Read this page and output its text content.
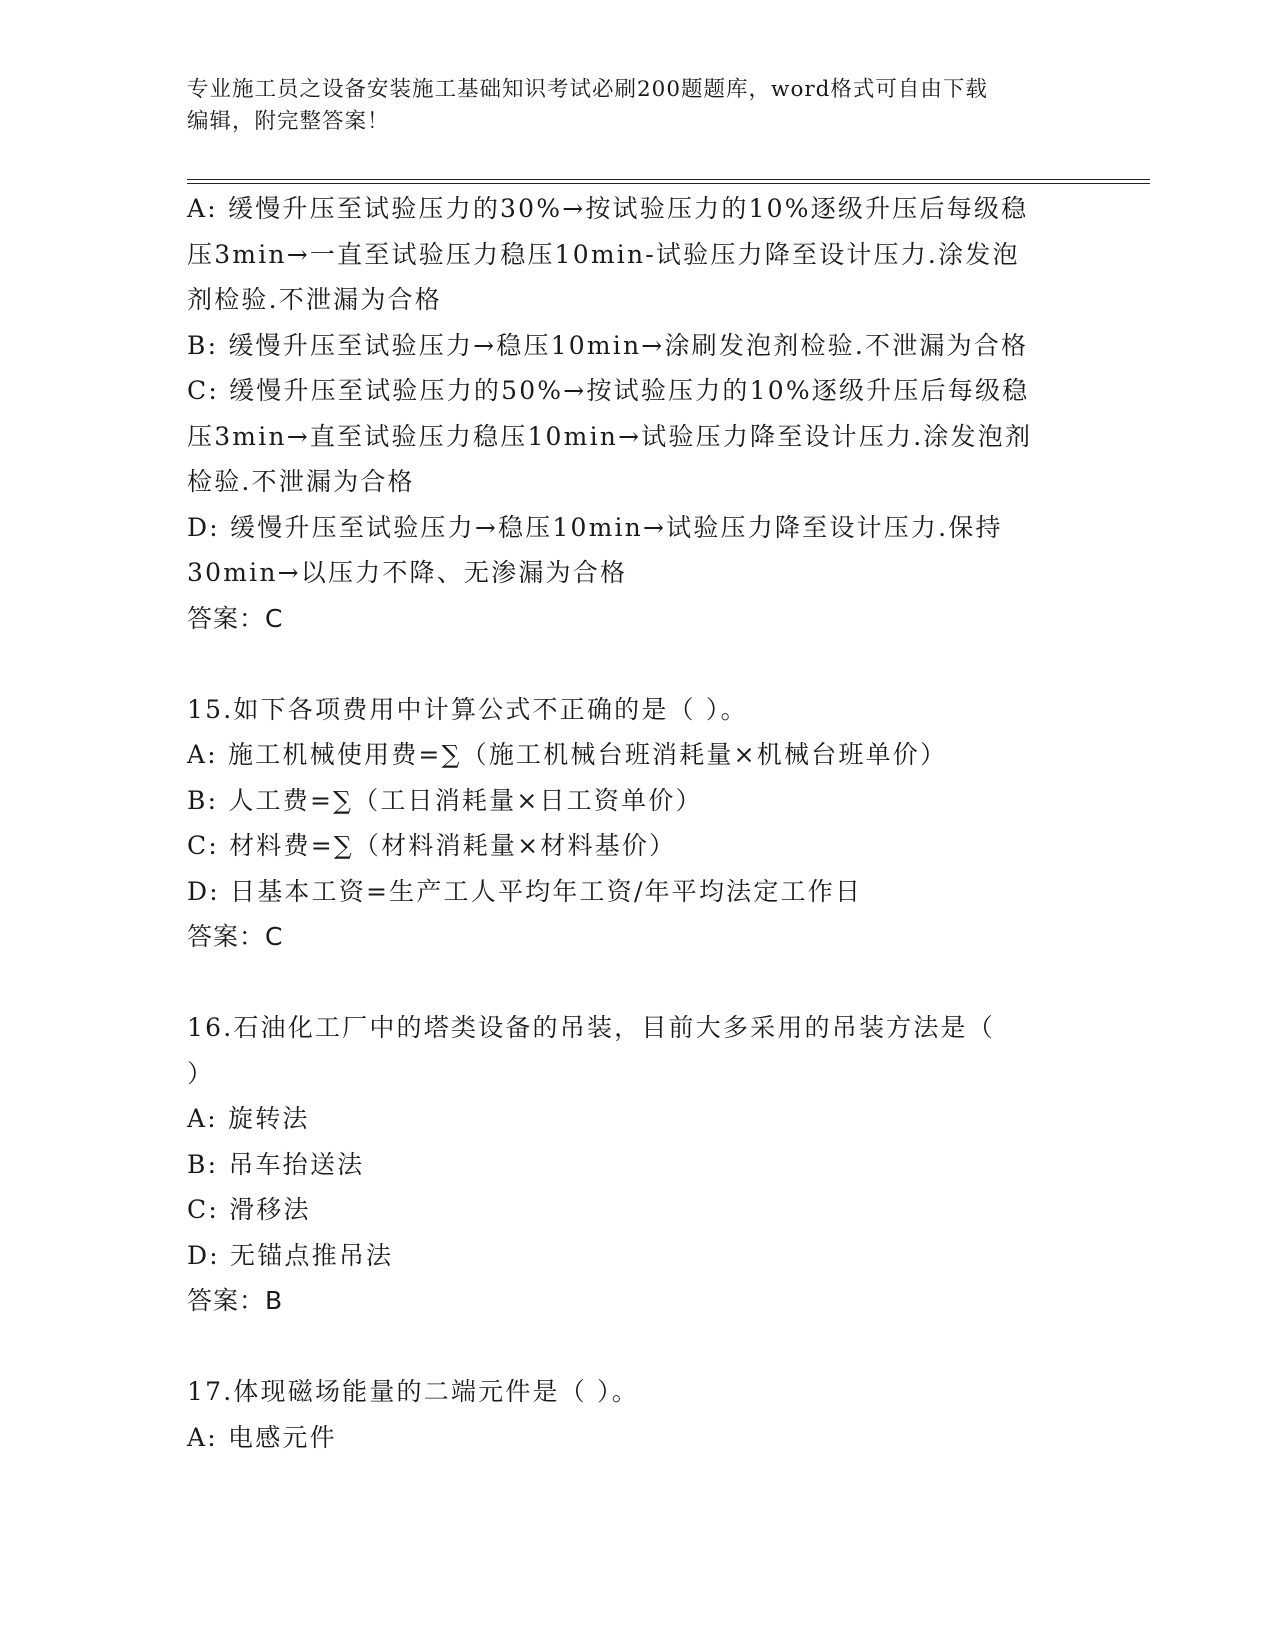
专业施工员之设备安装施工基础知识考试必刷200题题库，word格式可自由下载
编辑，附完整答案！
A: 缓慢升压至试验压力的30%→按试验压力的10%逐级升压后每级稳
压3min→一直至试验压力稳压10min-试验压力降至设计压力.涂发泡
剂检验.不泄漏为合格
B: 缓慢升压至试验压力→稳压10min→涂刷发泡剂检验.不泄漏为合格
C: 缓慢升压至试验压力的50%→按试验压力的10%逐级升压后每级稳
压3min→直至试验压力稳压10min→试验压力降至设计压力.涂发泡剂
检验.不泄漏为合格
D: 缓慢升压至试验压力→稳压10min→试验压力降至设计压力.保持
30min→以压力不降、无渗漏为合格
答案：C
15.如下各项费用中计算公式不正确的是（ ）。
A: 施工机械使用费=∑（施工机械台班消耗量×机械台班单价）
B: 人工费=∑（工日消耗量×日工资单价）
C: 材料费=∑（材料消耗量×材料基价）
D: 日基本工资=生产工人平均年工资/年平均法定工作日
答案：C
16.石油化工厂中的塔类设备的吊装，目前大多采用的吊装方法是（
）
A: 旋转法
B: 吊车抬送法
C: 滑移法
D: 无锚点推吊法
答案：B
17.体现磁场能量的二端元件是（ ）。
A: 电感元件
